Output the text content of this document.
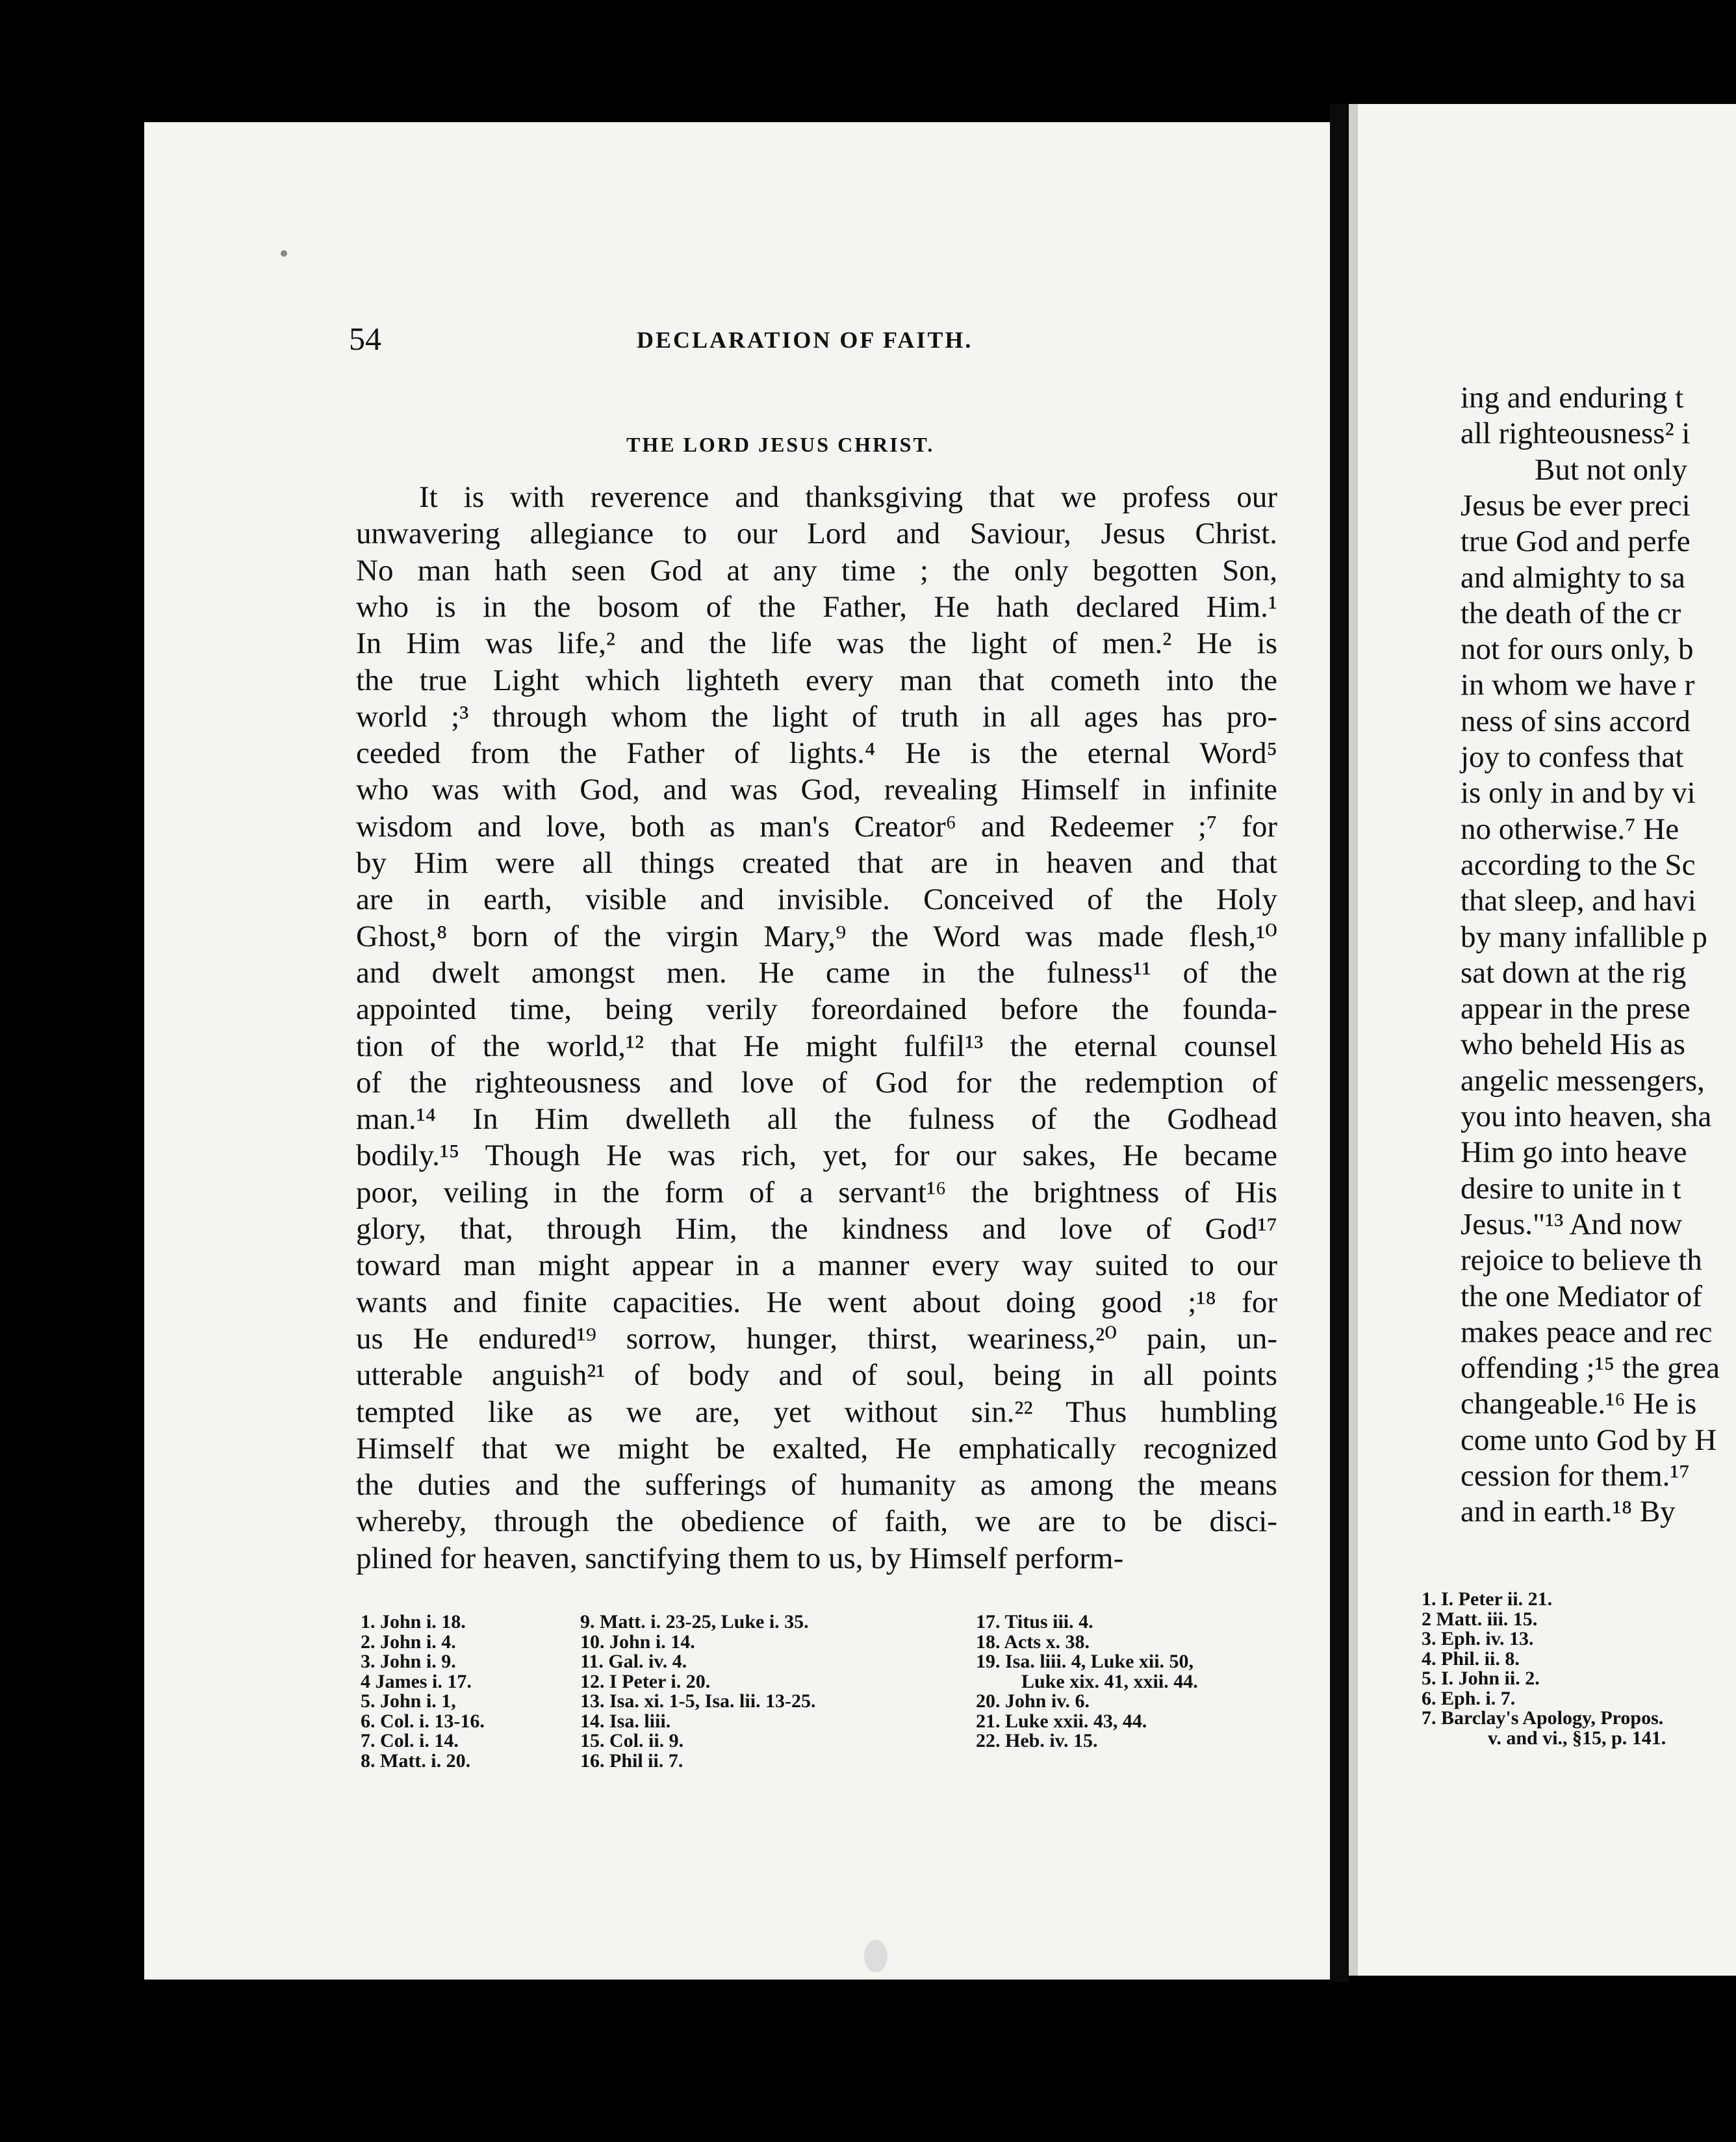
54	DECLARATION OF FAITH.
THE LORD JESUS CHRIST.
It is with reverence and thanksgiving that we profess our
unwavering allegiance to our Lord and Saviour, Jesus Christ.
No man hath seen God at any time ; the only begotten Son,
who is in the bosom of the Father, He hath declared Him.¹
In Him was life,² and the life was the light of men.² He is
the true Light which lighteth every man that cometh into the
world ;³ through whom the light of truth in all ages has pro-
ceeded from the Father of lights.⁴ He is the eternal Word⁵
who was with God, and was God, revealing Himself in infinite
wisdom and love, both as man's Creator⁶ and Redeemer ;⁷ for
by Him were all things created that are in heaven and that
are in earth, visible and invisible. Conceived of the Holy
Ghost,⁸ born of the virgin Mary,⁹ the Word was made flesh,¹⁰
and dwelt amongst men. He came in the fulness¹¹ of the
appointed time, being verily foreordained before the founda-
tion of the world,¹² that He might fulfil¹³ the eternal counsel
of the righteousness and love of God for the redemption of
man.¹⁴ In Him dwelleth all the fulness of the Godhead
bodily.¹⁵ Though He was rich, yet, for our sakes, He became
poor, veiling in the form of a servant¹⁶ the brightness of His
glory, that, through Him, the kindness and love of God¹⁷
toward man might appear in a manner every way suited to our
wants and finite capacities. He went about doing good ;¹⁸ for
us He endured¹⁹ sorrow, hunger, thirst, weariness,²⁰ pain, un-
utterable anguish²¹ of body and of soul, being in all points
tempted like as we are, yet without sin.²² Thus humbling
Himself that we might be exalted, He emphatically recognized
the duties and the sufferings of humanity as among the means
whereby, through the obedience of faith, we are to be disci-
plined for heaven, sanctifying them to us, by Himself perform-
1. John i. 18.
2. John i. 4.
3. John i. 9.
4 James i. 17.
5. John i. 1,
6. Col. i. 13-16.
7. Col. i. 14.
8. Matt. i. 20.
9. Matt. i. 23-25, Luke i. 35.
10. John i. 14.
11. Gal. iv. 4.
12. I Peter i. 20.
13. Isa. xi. 1-5, Isa. lii. 13-25.
14. Isa. liii.
15. Col. ii. 9.
16. Phil ii. 7.
17. Titus iii. 4.
18. Acts x. 38.
19. Isa. liii. 4, Luke xii. 50,
Luke xix. 41, xxii. 44.
20. John iv. 6.
21. Luke xxii. 43, 44.
22. Heb. iv. 15.
ing and enduring t
all righteousness² i
But not only
Jesus be ever preci
true God and perfe
and almighty to sa
the death of the cr
not for ours only, b
in whom we have r
ness of sins accord
joy to confess that
is only in and by vi
no otherwise.⁷ He
according to the Sc
that sleep, and havi
by many infallible p
sat down at the rig
appear in the prese
who beheld His as
angelic messengers,
you into heaven, sha
Him go into heave
desire to unite in t
Jesus."¹³ And now
rejoice to believe th
the one Mediator of
makes peace and rec
offending ;¹⁵ the grea
changeable.¹⁶ He is
come unto God by H
cession for them.¹⁷
and in earth.¹⁸ By
1. I. Peter ii. 21.
2 Matt. iii. 15.
3. Eph. iv. 13.
4. Phil. ii. 8.
5. I. John ii. 2.
6. Eph. i. 7.
7. Barclay's Apology, Propos.
v. and vi., §15, p. 141.
